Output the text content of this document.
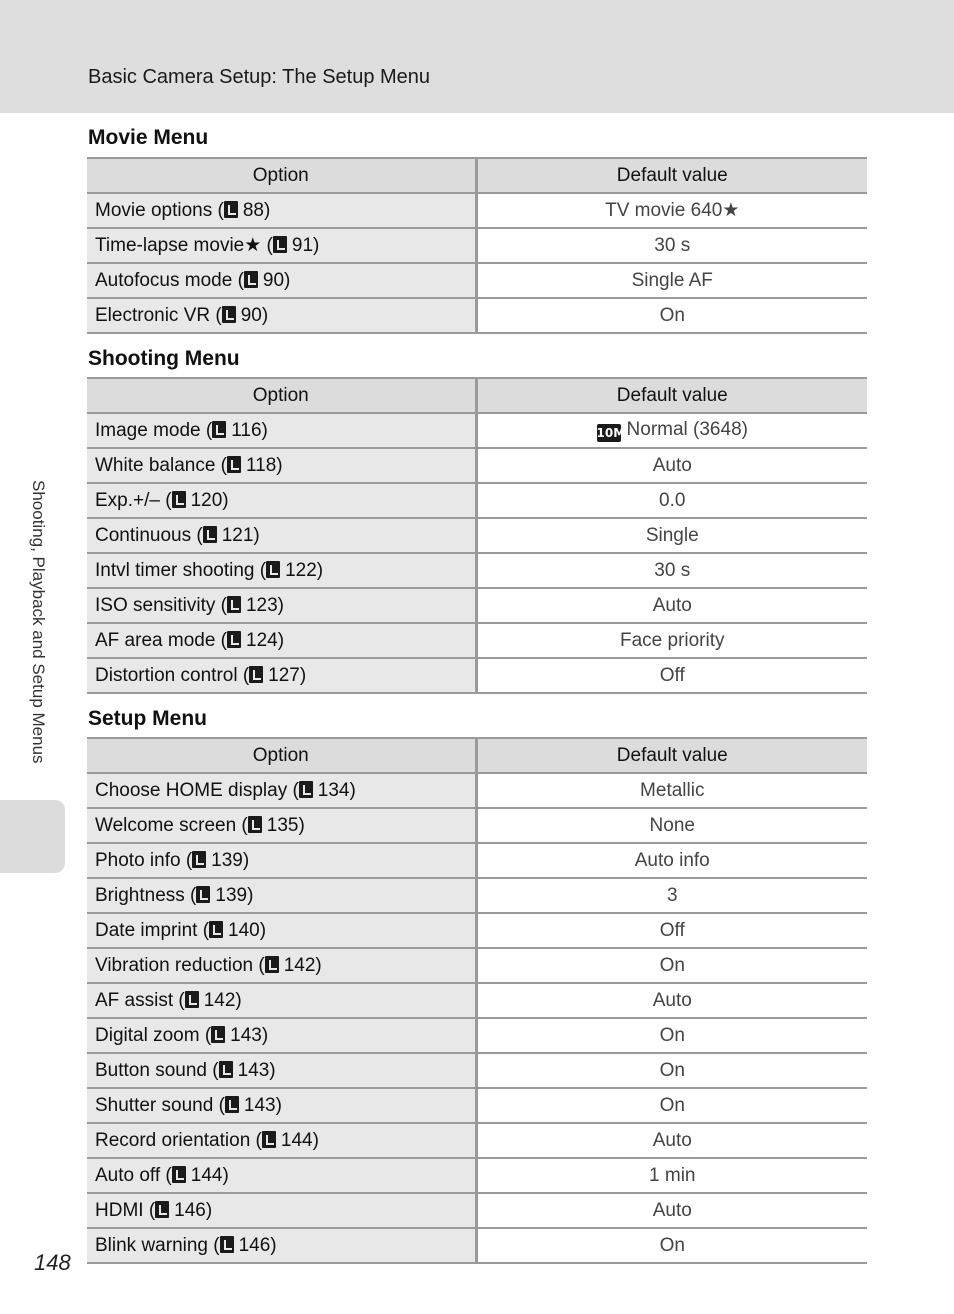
Basic Camera Setup: The Setup Menu
Shooting, Playback and Setup Menus
148
Movie Menu
Option	Default value
Movie options ( 88)	TV movie 640★
Time-lapse movie★ ( 91)	30 s
Autofocus mode ( 90)	Single AF
Electronic VR ( 90)	On
Shooting Menu
Option	Default value
Image mode ( 116)	10MNormal (3648)
White balance ( 118)	Auto
Exp.+/– ( 120)	0.0
Continuous ( 121)	Single
Intvl timer shooting ( 122)	30 s
ISO sensitivity ( 123)	Auto
AF area mode ( 124)	Face priority
Distortion control ( 127)	Off
Setup Menu
Option	Default value
Choose HOME display ( 134)	Metallic
Welcome screen ( 135)	None
Photo info ( 139)	Auto info
Brightness ( 139)	3
Date imprint ( 140)	Off
Vibration reduction ( 142)	On
AF assist ( 142)	Auto
Digital zoom ( 143)	On
Button sound ( 143)	On
Shutter sound ( 143)	On
Record orientation ( 144)	Auto
Auto off ( 144)	1 min
HDMI ( 146)	Auto
Blink warning ( 146)	On
